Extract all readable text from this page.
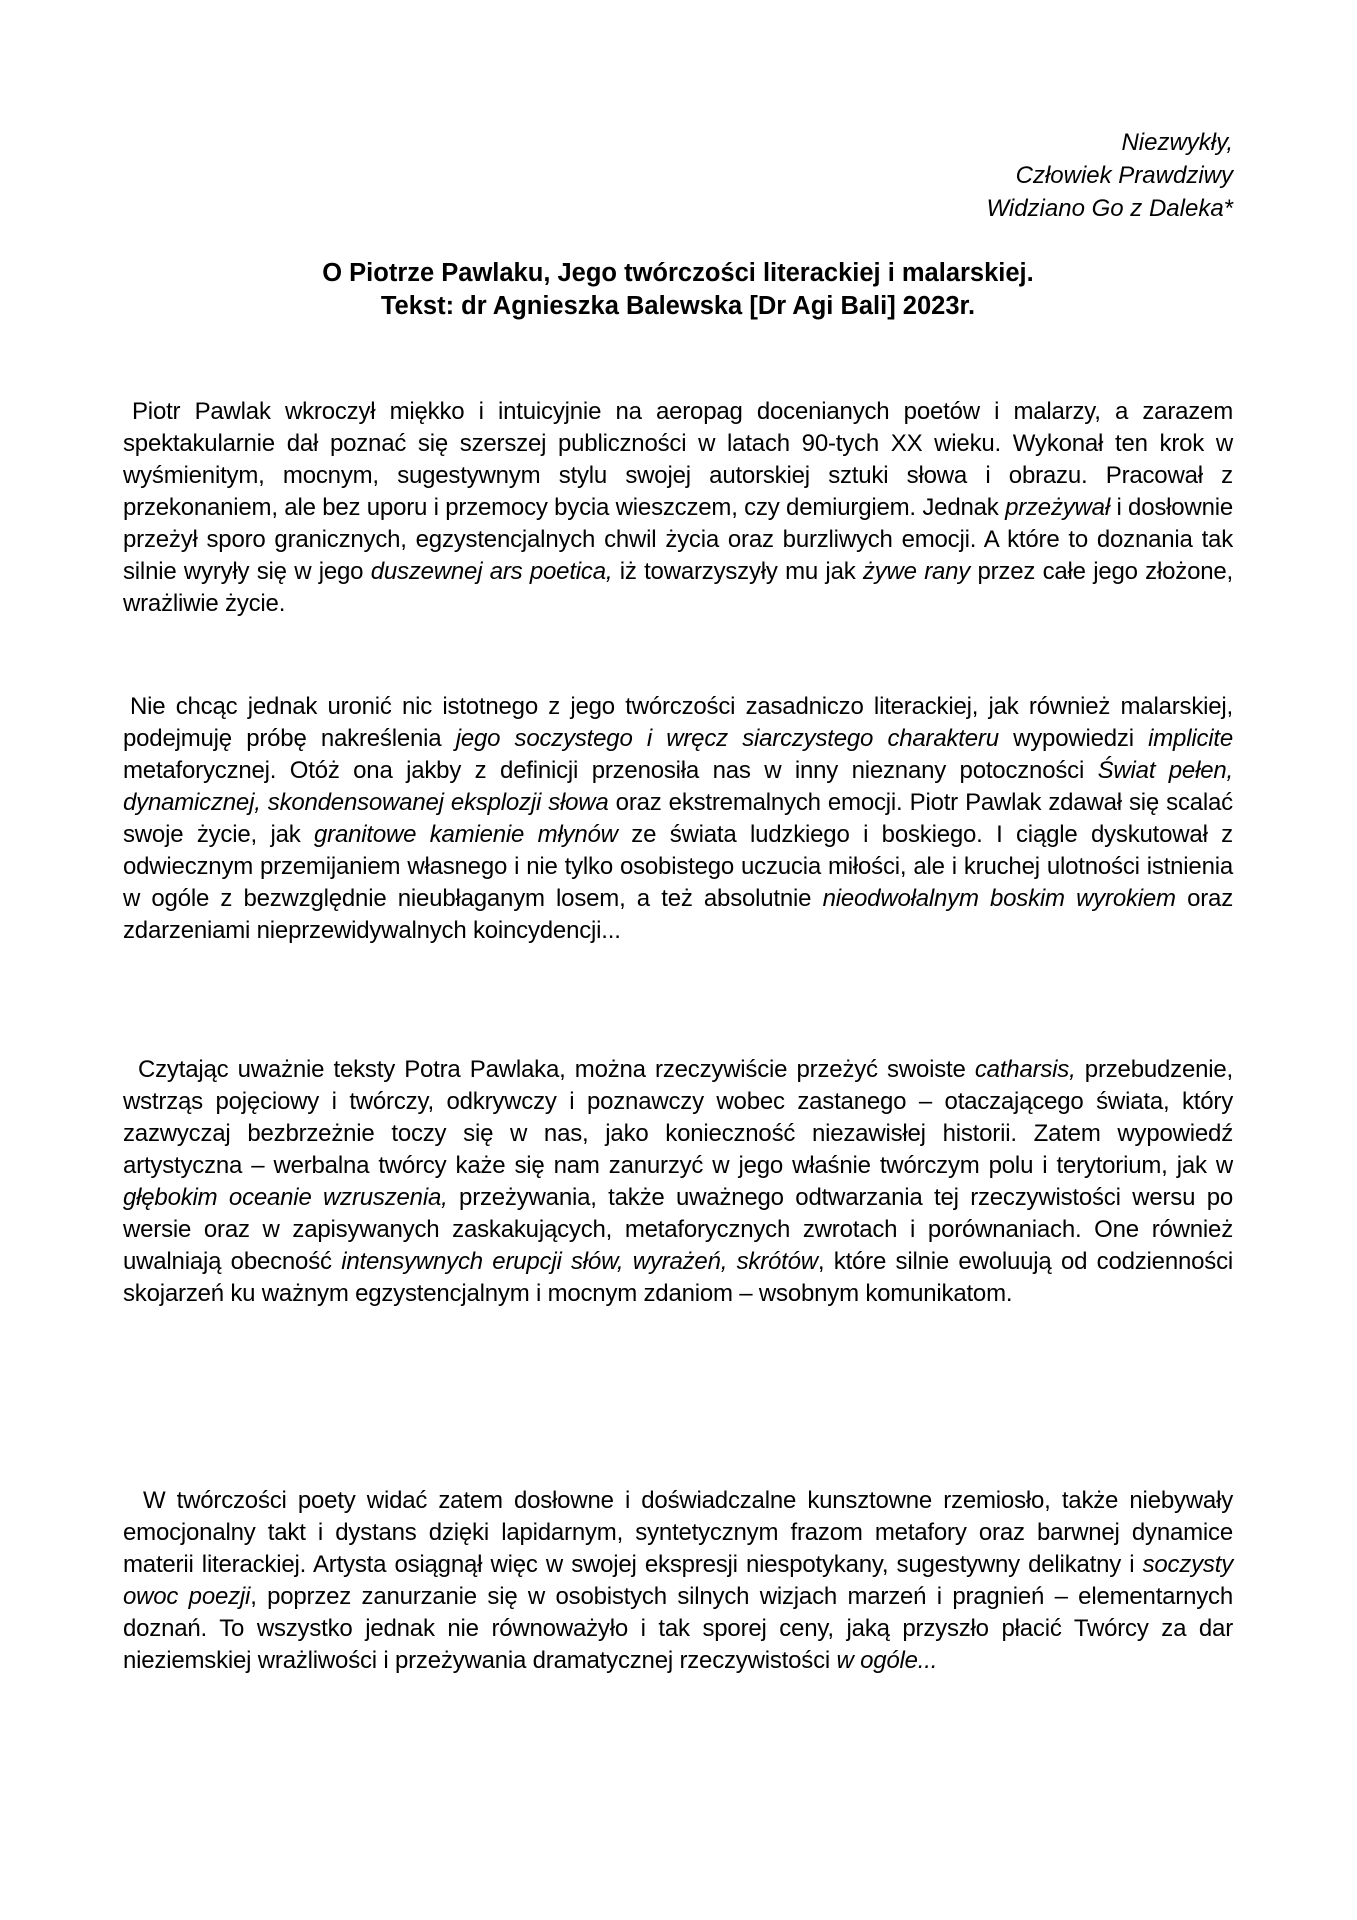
Niezwykły,
Człowiek Prawdziwy
Widziano Go z Daleka*
O Piotrze Pawlaku, Jego twórczości literackiej i malarskiej.
Tekst: dr Agnieszka Balewska [Dr Agi Bali] 2023r.

Piotr Pawlak wkroczył miękko i intuicyjnie na aeropag docenianych poetów i malarzy, a zarazem spektakularnie dał poznać się szerszej publiczności w latach 90-tych XX wieku. Wykonał ten krok w wyśmienitym, mocnym, sugestywnym stylu swojej autorskiej sztuki słowa i obrazu. Pracował z przekonaniem, ale bez uporu i przemocy bycia wieszczem, czy demiurgiem. Jednak przeżywał i dosłownie przeżył sporo granicznych, egzystencjalnych chwil życia oraz burzliwych emocji. A które to doznania tak silnie wyryły się w jego duszewnej ars poetica, iż towarzyszyły mu jak żywe rany przez całe jego złożone, wrażliwie życie.

Nie chcąc jednak uronić nic istotnego z jego twórczości zasadniczo literackiej, jak również malarskiej, podejmuję próbę nakreślenia jego soczystego i wręcz siarczystego charakteru wypowiedzi implicite metaforycznej. Otóż ona jakby z definicji przenosiła nas w inny nieznany potoczności Świat pełen, dynamicznej, skondensowanej eksplozji słowa oraz ekstremalnych emocji. Piotr Pawlak zdawał się scalać swoje życie, jak granitowe kamienie młynów ze świata ludzkiego i boskiego. I ciągle dyskutował z odwiecznym przemijaniem własnego i nie tylko osobistego uczucia miłości, ale i kruchej ulotności istnienia w ogóle z bezwzględnie nieubłaganym losem, a też absolutnie nieodwołalnym boskim wyrokiem oraz zdarzeniami nieprzewidywalnych koincydencji...

Czytając uważnie teksty Potra Pawlaka, można rzeczywiście przeżyć swoiste catharsis, przebudzenie, wstrząs pojęciowy i twórczy, odkrywczy i poznawczy wobec zastanego – otaczającego świata, który zazwyczaj bezbrzeżnie toczy się w nas, jako konieczność niezawisłej historii. Zatem wypowiedź artystyczna – werbalna twórcy każe się nam zanurzyć w jego właśnie twórczym polu i terytorium, jak w głębokim oceanie wzruszenia, przeżywania, także uważnego odtwarzania tej rzeczywistości wersu po wersie oraz w zapisywanych zaskakujących, metaforycznych zwrotach i porównaniach. One również uwalniają obecność intensywnych erupcji słów, wyrażeń, skrótów, które silnie ewoluują od codzienności skojarzeń ku ważnym egzystencjalnym i mocnym zdaniom – wsobnym komunikatom.

W twórczości poety widać zatem dosłowne i doświadczalne kunsztowne rzemiosło, także niebywały emocjonalny takt i dystans dzięki lapidarnym, syntetycznym frazom metafory oraz barwnej dynamice materii literackiej. Artysta osiągnął więc w swojej ekspresji niespotykany, sugestywny delikatny i soczysty owoc poezji, poprzez zanurzanie się w osobistych silnych wizjach marzeń i pragnień – elementarnych doznań. To wszystko jednak nie równoważyło i tak sporej ceny, jaką przyszło płacić Twórcy za dar nieziemskiej wrażliwości i przeżywania dramatycznej rzeczywistości w ogóle...
